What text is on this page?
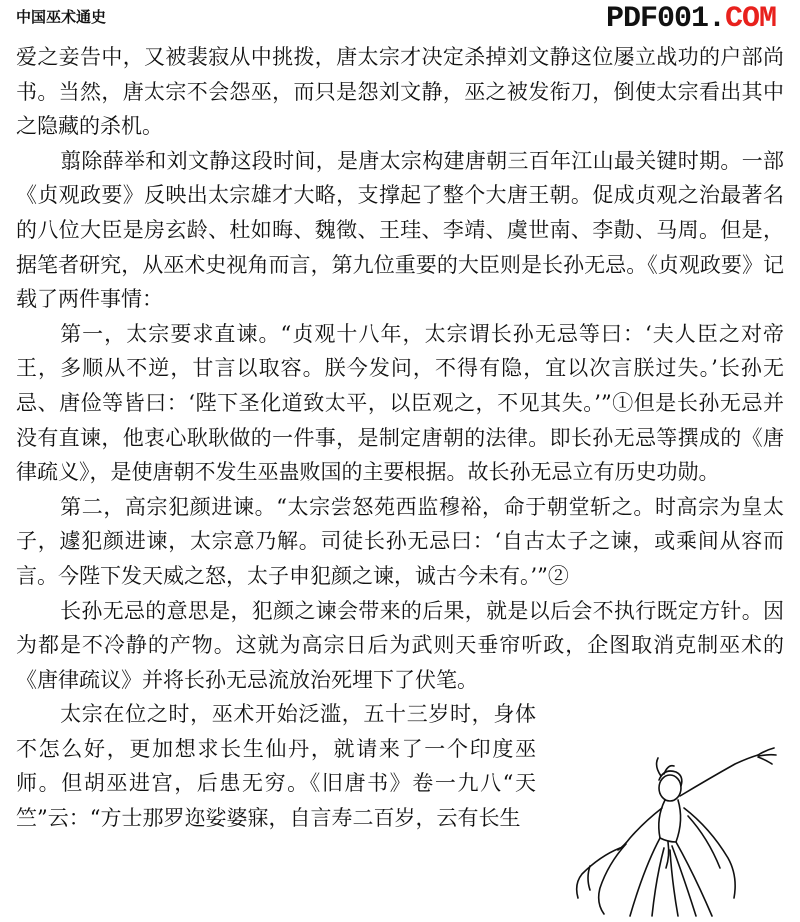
中国巫术通史	PDF001.COM

爱之妾告中，又被裴寂从中挑拨，唐太宗才决定杀掉刘文静这位屡立战功的户部尚书。当然，唐太宗不会怨巫，而只是怨刘文静，巫之被发衔刀，倒使太宗看出其中之隐藏的杀机。

翦除薛举和刘文静这段时间，是唐太宗构建唐朝三百年江山最关键时期。一部《贞观政要》反映出太宗雄才大略，支撑起了整个大唐王朝。促成贞观之治最著名的八位大臣是房玄龄、杜如晦、魏徵、王珪、李靖、虞世南、李勣、马周。但是，据笔者研究，从巫术史视角而言，第九位重要的大臣则是长孙无忌。《贞观政要》记载了两件事情：

第一，太宗要求直谏。“贞观十八年，太宗谓长孙无忌等曰：‘夫人臣之对帝王，多顺从不逆，甘言以取容。朕今发问，不得有隐，宜以次言朕过失。’长孙无忌、唐俭等皆曰：‘陛下圣化道致太平，以臣观之，不见其失。’”①但是长孙无忌并没有直谏，他衷心耿耿做的一件事，是制定唐朝的法律。即长孙无忌等撰成的《唐律疏义》，是使唐朝不发生巫蛊败国的主要根据。故长孙无忌立有历史功勋。

第二，高宗犯颜进谏。“太宗尝怒苑西监穆裕，命于朝堂斩之。时高宗为皇太子，遽犯颜进谏，太宗意乃解。司徒长孙无忌曰：‘自古太子之谏，或乘间从容而言。今陛下发天威之怒，太子申犯颜之谏，诚古今未有。’”②

长孙无忌的意思是，犯颜之谏会带来的后果，就是以后会不执行既定方针。因为都是不冷静的产物。这就为高宗日后为武则天垂帘听政，企图取消克制巫术的《唐律疏议》并将长孙无忌流放治死埋下了伏笔。

太宗在位之时，巫术开始泛滥，五十三岁时，身体不怎么好，更加想求长生仙丹，就请来了一个印度巫师。但胡巫进宫，后患无穷。《旧唐书》卷一九八“天竺”云：“方士那罗迩娑婆寐，自言寿二百岁，云有长生
